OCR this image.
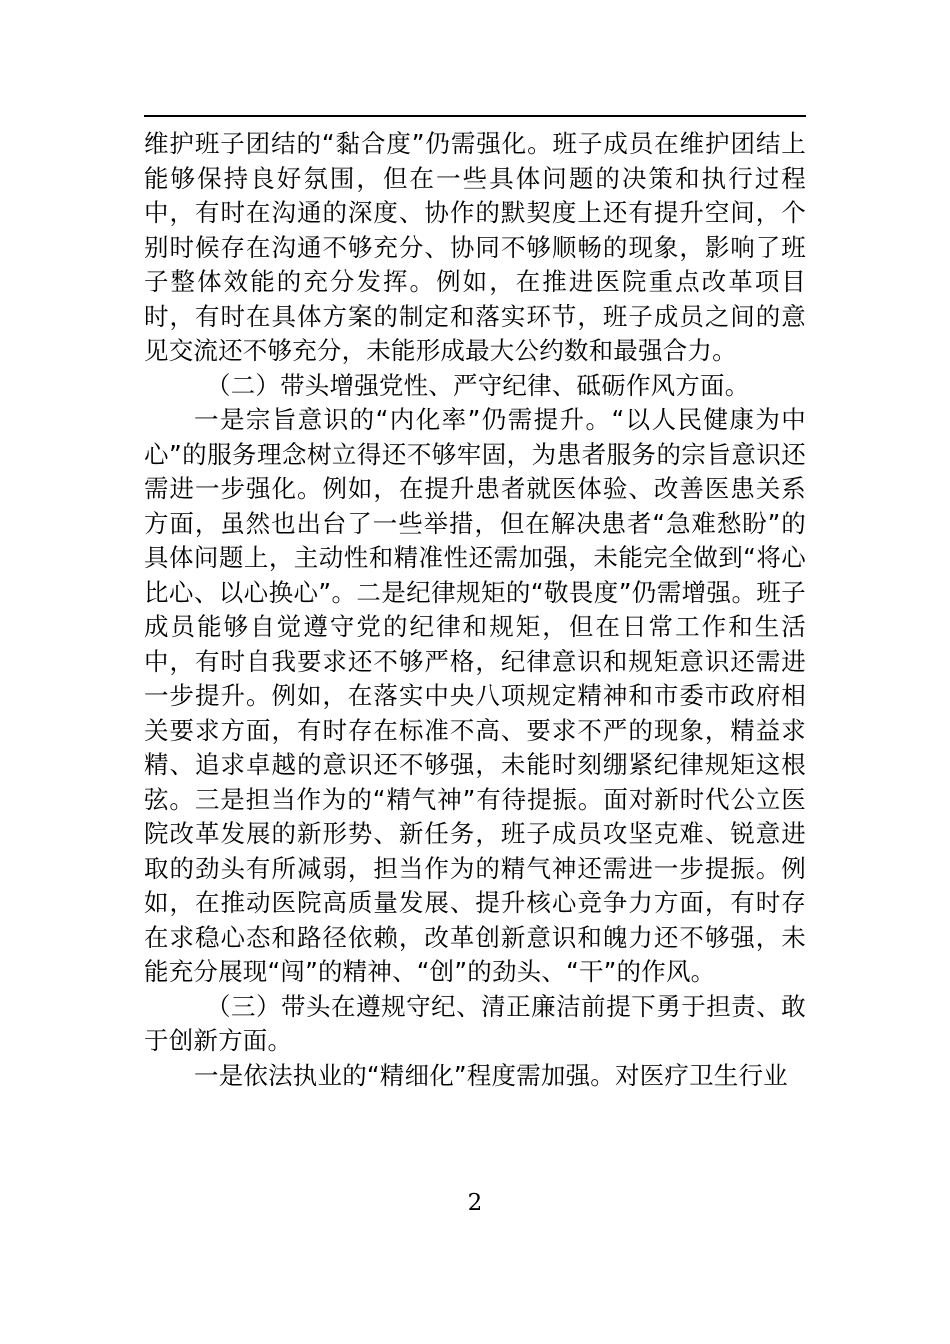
维护班子团结的“黏合度”仍需强化。班子成员在维护团结上能够保持良好氛围，但在一些具体问题的决策和执行过程中，有时在沟通的深度、协作的默契度上还有提升空间，个别时候存在沟通不够充分、协同不够顺畅的现象，影响了班子整体效能的充分发挥。例如，在推进医院重点改革项目时，有时在具体方案的制定和落实环节，班子成员之间的意见交流还不够充分，未能形成最大公约数和最强合力。

（二）带头增强党性、严守纪律、砥砺作风方面。

一是宗旨意识的“内化率”仍需提升。“以人民健康为中心”的服务理念树立得还不够牢固，为患者服务的宗旨意识还需进一步强化。例如，在提升患者就医体验、改善医患关系方面，虽然也出台了一些举措，但在解决患者“急难愁盼”的具体问题上，主动性和精准性还需加强，未能完全做到“将心比心、以心换心”。二是纪律规矩的“敬畏度”仍需增强。班子成员能够自觉遵守党的纪律和规矩，但在日常工作和生活中，有时自我要求还不够严格，纪律意识和规矩意识还需进一步提升。例如，在落实中央八项规定精神和市委市政府相关要求方面，有时存在标准不高、要求不严的现象，精益求精、追求卓越的意识还不够强，未能时刻绷紧纪律规矩这根弦。三是担当作为的“精气神”有待提振。面对新时代公立医院改革发展的新形势、新任务，班子成员攻坚克难、锐意进取的劲头有所减弱，担当作为的精气神还需进一步提振。例如，在推动医院高质量发展、提升核心竞争力方面，有时存在求稳心态和路径依赖，改革创新意识和魄力还不够强，未能充分展现“闯”的精神、“创”的劲头、“干”的作风。

（三）带头在遵规守纪、清正廉洁前提下勇于担责、敢于创新方面。

一是依法执业的“精细化”程度需加强。对医疗卫生行业

2
